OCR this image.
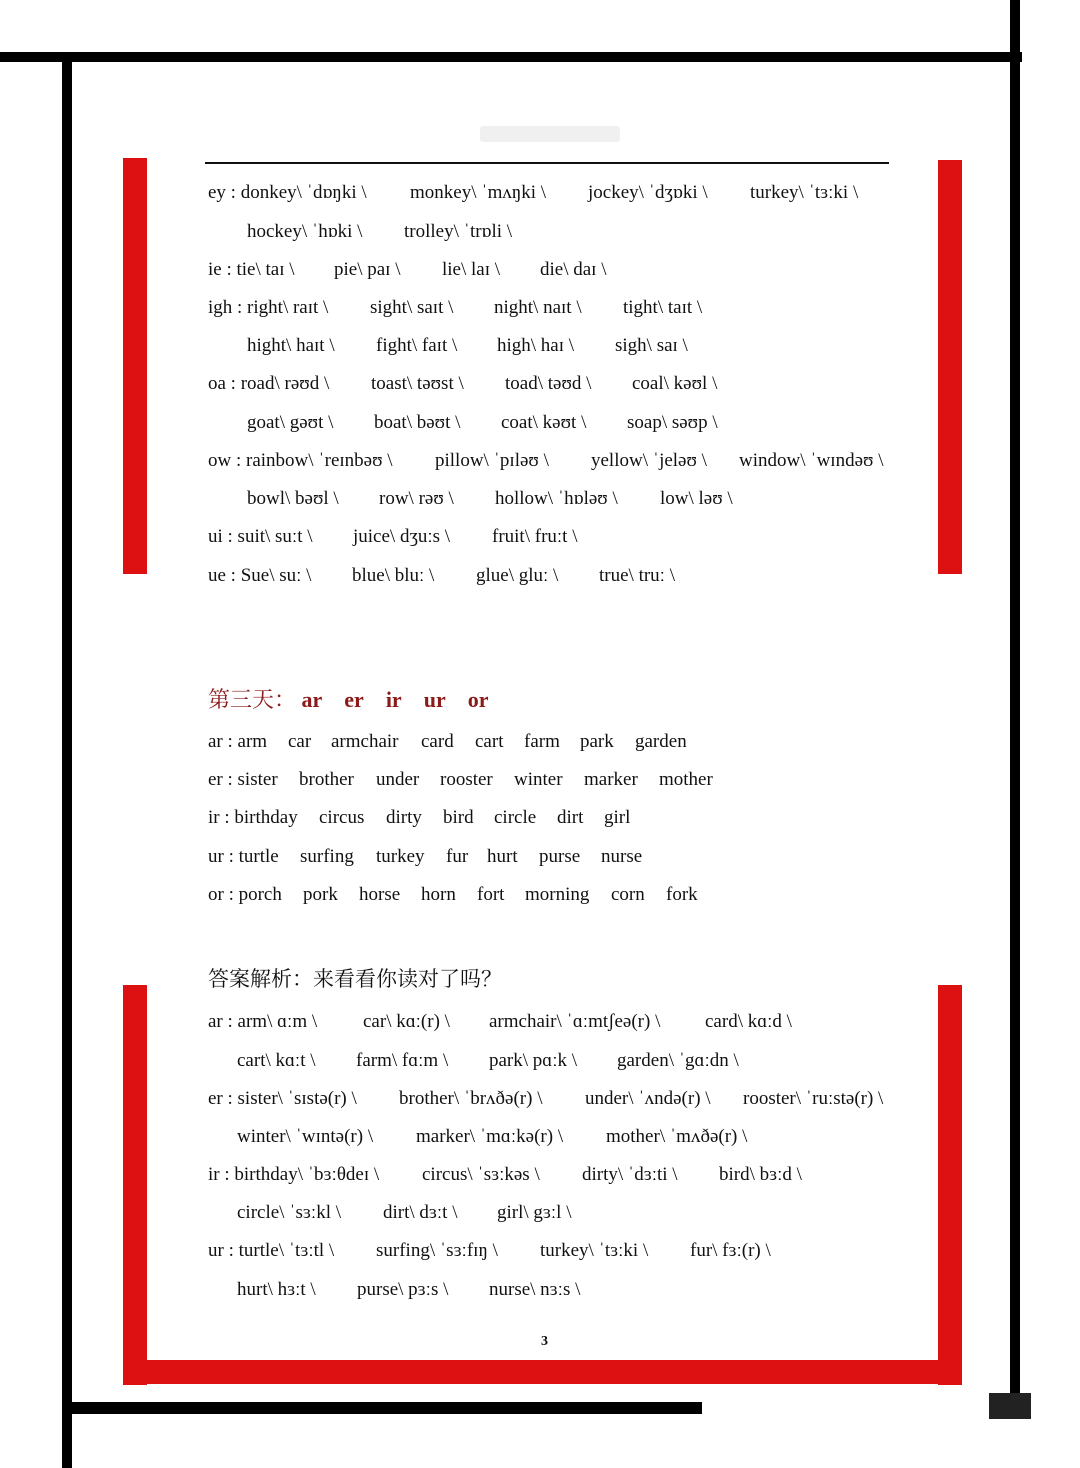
ey : donkey\ ˈdɒŋki \ monkey\ ˈmʌŋki \ jockey\ ˈdʒɒki \ turkey\ ˈtɜːki \
hockey\ ˈhɒki \ trolley\ ˈtrɒli \
ie : tie\ taɪ \ pie\ paɪ \ lie\ laɪ \ die\ daɪ \
igh : right\ raɪt \ sight\ saɪt \ night\ naɪt \ tight\ taɪt \
hight\ haɪt \ fight\ faɪt \ high\ haɪ \ sigh\ saɪ \
oa : road\ rəʊd \ toast\ təʊst \ toad\ təʊd \ coal\ kəʊl \
goat\ gəʊt \ boat\ bəʊt \ coat\ kəʊt \ soap\ səʊp \
ow : rainbow\ ˈreɪnbəʊ \ pillow\ ˈpɪləʊ \ yellow\ ˈjeləʊ \ window\ ˈwɪndəʊ \
bowl\ bəʊl \ row\ rəʊ \ hollow\ ˈhɒləʊ \ low\ ləʊ \
ui : suit\ suːt \ juice\ dʒuːs \ fruit\ fruːt \
ue : Sue\ suː \ blue\ bluː \ glue\ gluː \ true\ truː \
第三天： ar er ir ur or
ar : arm car armchair card cart farm park garden
er : sister brother under rooster winter marker mother
ir : birthday circus dirty bird circle dirt girl
ur : turtle surfing turkey fur hurt purse nurse
or : porch pork horse horn fort morning corn fork
答案解析：来看看你读对了吗？
ar : arm\ ɑːm \ car\ kɑː(r) \ armchair\ ˈɑːmtʃeə(r) \ card\ kɑːd \
cart\ kɑːt \ farm\ fɑːm \ park\ pɑːk \ garden\ ˈgɑːdn \
er : sister\ ˈsɪstə(r) \ brother\ ˈbrʌðə(r) \ under\ ˈʌndə(r) \ rooster\ ˈruːstə(r) \
winter\ ˈwɪntə(r) \ marker\ ˈmɑːkə(r) \ mother\ ˈmʌðə(r) \
ir : birthday\ ˈbɜːθdeɪ \ circus\ ˈsɜːkəs \ dirty\ ˈdɜːti \ bird\ bɜːd \
circle\ ˈsɜːkl \ dirt\ dɜːt \ girl\ gɜːl \
ur : turtle\ ˈtɜːtl \ surfing\ ˈsɜːfɪŋ \ turkey\ ˈtɜːki \ fur\ fɜː(r) \
hurt\ hɜːt \ purse\ pɜːs \ nurse\ nɜːs \
3
